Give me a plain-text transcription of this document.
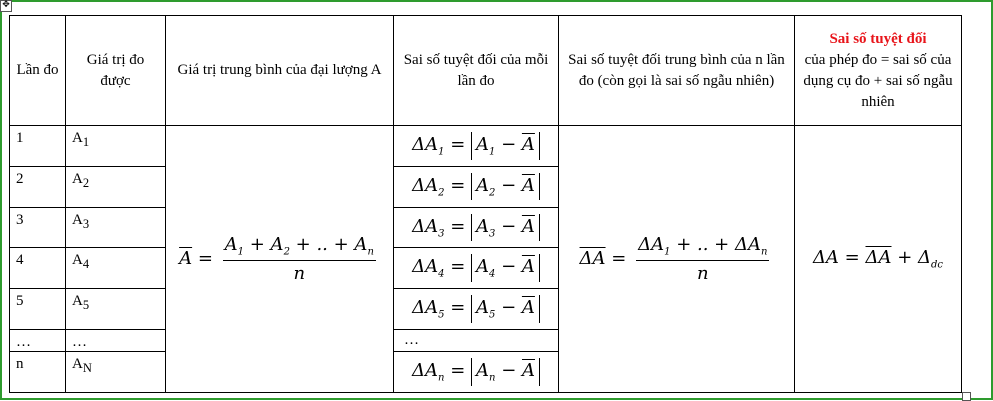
✥
Lần đo	Giá trị đo được	Giá trị trung bình của đại lượng A	Sai số tuyệt đối của mỗi lần đo	Sai số tuyệt đối trung bình của n lần đo (còn gọi là sai số ngẫu nhiên)	Sai số tuyệt đối
của phép đo = sai số của dụng cụ đo + sai số ngẫu nhiên
1	$A_1$	$\overline{A} = \frac{A_1 + A_2 + .. + A_n}{n}$	$\Delta A_1 = A_1 - \overline{A}$	$\overline{\Delta A} = \frac{\Delta A_1 + .. + \Delta A_n}{n}$	$\Delta A = \overline{\Delta A} + \Delta_{dc}$
2	$A_2$		$\Delta A_2 = A_2 - \overline{A}$
3	$A_3$		$\Delta A_3 = A_3 - \overline{A}$
4	$A_4$		$\Delta A_4 = A_4 - \overline{A}$
5	$A_5$		$\Delta A_5 = A_5 - \overline{A}$
…	…		…		
n	$A_N$		$\Delta A_n = A_n - \overline{A}$
